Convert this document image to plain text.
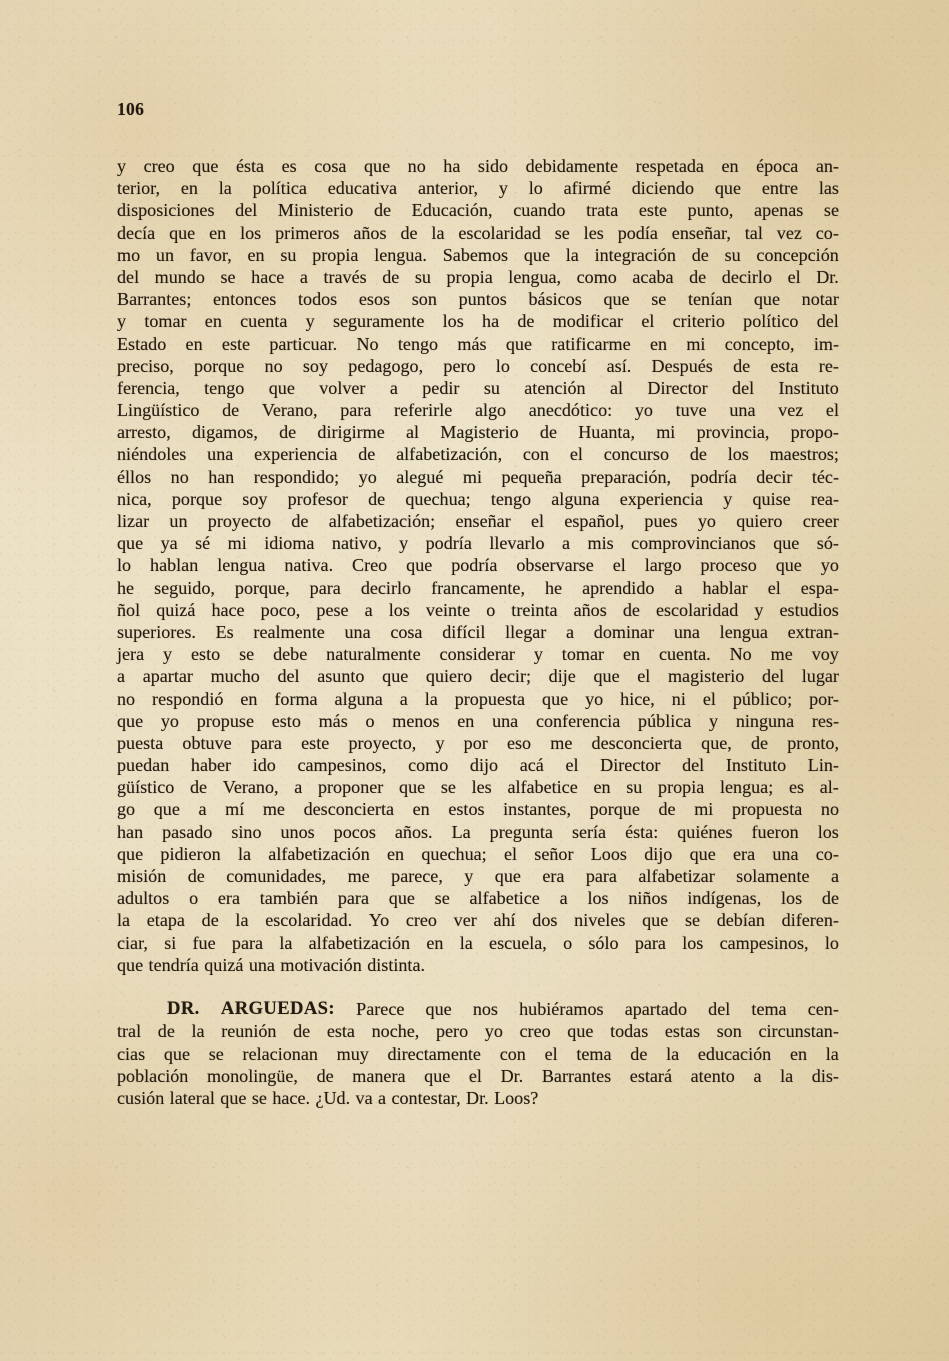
106
y creo que ésta es cosa que no ha sido debidamente respetada en época an-
terior, en la política educativa anterior, y lo afirmé diciendo que entre las
disposiciones del Ministerio de Educación, cuando trata este punto, apenas se
decía que en los primeros años de la escolaridad se les podía enseñar, tal vez co-
mo un favor, en su propia lengua. Sabemos que la integración de su concepción
del mundo se hace a través de su propia lengua, como acaba de decirlo el Dr.
Barrantes; entonces todos esos son puntos básicos que se tenían que notar
y tomar en cuenta y seguramente los ha de modificar el criterio político del
Estado en este particuar. No tengo más que ratificarme en mi concepto, im-
preciso, porque no soy pedagogo, pero lo concebí así. Después de esta re-
ferencia, tengo que volver a pedir su atención al Director del Instituto
Lingüístico de Verano, para referirle algo anecdótico: yo tuve una vez el
arresto, digamos, de dirigirme al Magisterio de Huanta, mi provincia, propo-
niéndoles una experiencia de alfabetización, con el concurso de los maestros;
éllos no han respondido; yo alegué mi pequeña preparación, podría decir téc-
nica, porque soy profesor de quechua; tengo alguna experiencia y quise rea-
lizar un proyecto de alfabetización; enseñar el español, pues yo quiero creer
que ya sé mi idioma nativo, y podría llevarlo a mis comprovincianos que só-
lo hablan lengua nativa. Creo que podría observarse el largo proceso que yo
he seguido, porque, para decirlo francamente, he aprendido a hablar el espa-
ñol quizá hace poco, pese a los veinte o treinta años de escolaridad y estudios
superiores. Es realmente una cosa difícil llegar a dominar una lengua extran-
jera y esto se debe naturalmente considerar y tomar en cuenta. No me voy
a apartar mucho del asunto que quiero decir; dije que el magisterio del lugar
no respondió en forma alguna a la propuesta que yo hice, ni el público; por-
que yo propuse esto más o menos en una conferencia pública y ninguna res-
puesta obtuve para este proyecto, y por eso me desconcierta que, de pronto,
puedan haber ido campesinos, como dijo acá el Director del Instituto Lin-
güístico de Verano, a proponer que se les alfabetice en su propia lengua; es al-
go que a mí me desconcierta en estos instantes, porque de mi propuesta no
han pasado sino unos pocos años. La pregunta sería ésta: quiénes fueron los
que pidieron la alfabetización en quechua; el señor Loos dijo que era una co-
misión de comunidades, me parece, y que era para alfabetizar solamente a
adultos o era también para que se alfabetice a los niños indígenas, los de
la etapa de la escolaridad. Yo creo ver ahí dos niveles que se debían diferen-
ciar, si fue para la alfabetización en la escuela, o sólo para los campesinos, lo
que tendría quizá una motivación distinta.
DR. ARGUEDAS: Parece que nos hubiéramos apartado del tema cen-
tral de la reunión de esta noche, pero yo creo que todas estas son circunstan-
cias que se relacionan muy directamente con el tema de la educación en la
población monolingüe, de manera que el Dr. Barrantes estará atento a la dis-
cusión lateral que se hace. ¿Ud. va a contestar, Dr. Loos?
